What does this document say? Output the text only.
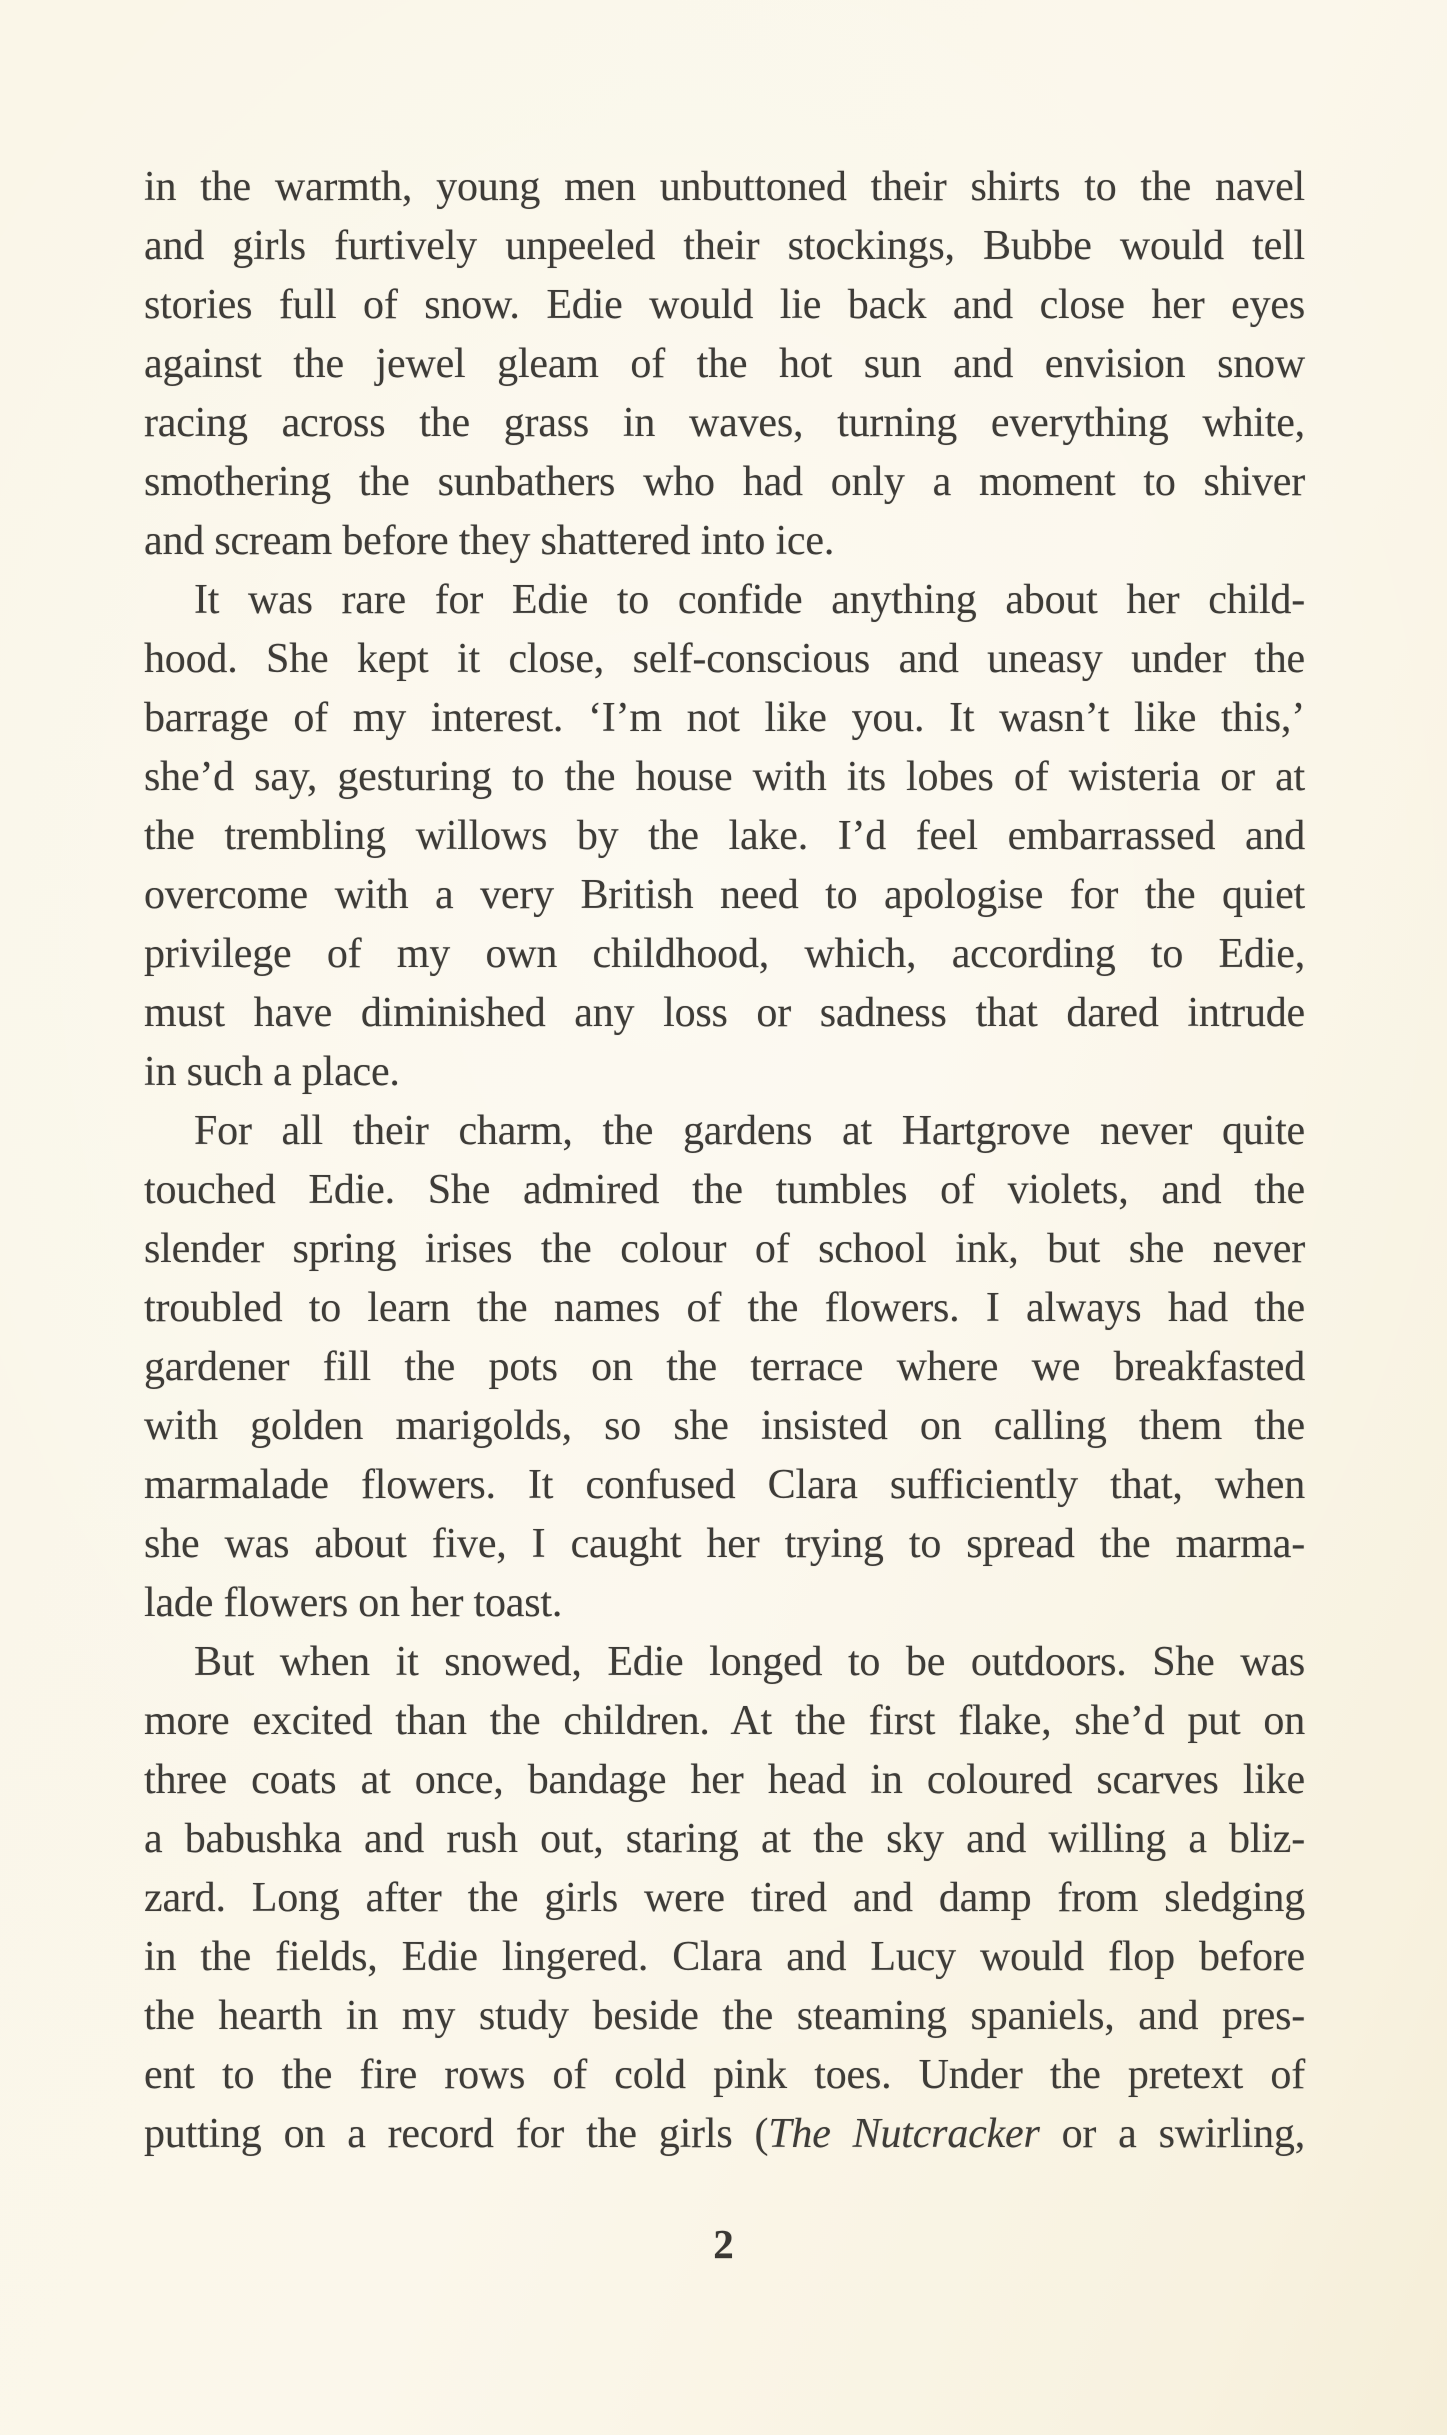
in the warmth, young men unbuttoned their shirts to the navel
and girls furtively unpeeled their stockings, Bubbe would tell
stories full of snow. Edie would lie back and close her eyes
against the jewel gleam of the hot sun and envision snow
racing across the grass in waves, turning everything white,
smothering the sunbathers who had only a moment to shiver
and scream before they shattered into ice.
It was rare for Edie to confide anything about her child-
hood. She kept it close, self-conscious and uneasy under the
barrage of my interest. ‘I’m not like you. It wasn’t like this,’
she’d say, gesturing to the house with its lobes of wisteria or at
the trembling willows by the lake. I’d feel embarrassed and
overcome with a very British need to apologise for the quiet
privilege of my own childhood, which, according to Edie,
must have diminished any loss or sadness that dared intrude
in such a place.
For all their charm, the gardens at Hartgrove never quite
touched Edie. She admired the tumbles of violets, and the
slender spring irises the colour of school ink, but she never
troubled to learn the names of the flowers. I always had the
gardener fill the pots on the terrace where we breakfasted
with golden marigolds, so she insisted on calling them the
marmalade flowers. It confused Clara sufficiently that, when
she was about five, I caught her trying to spread the marma-
lade flowers on her toast.
But when it snowed, Edie longed to be outdoors. She was
more excited than the children. At the first flake, she’d put on
three coats at once, bandage her head in coloured scarves like
a babushka and rush out, staring at the sky and willing a bliz-
zard. Long after the girls were tired and damp from sledging
in the fields, Edie lingered. Clara and Lucy would flop before
the hearth in my study beside the steaming spaniels, and pres-
ent to the fire rows of cold pink toes. Under the pretext of
putting on a record for the girls (The Nutcracker or a swirling,
2
